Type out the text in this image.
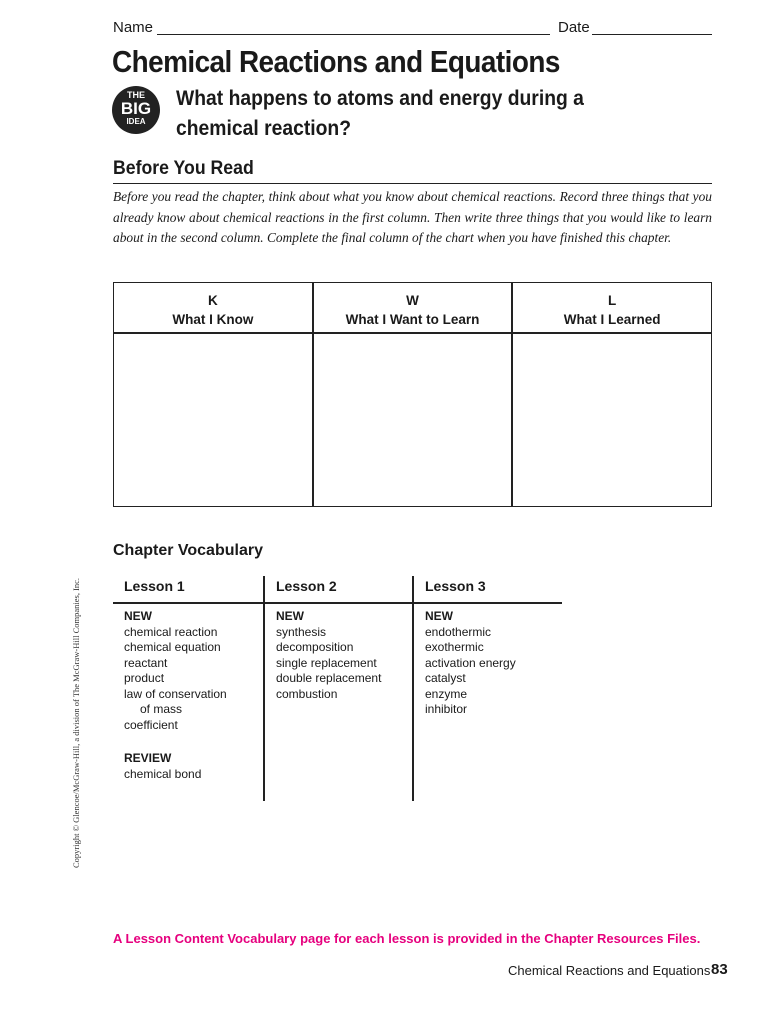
Name	Date
Chemical Reactions and Equations
THE
BIG
IDEA
What happens to atoms and energy during a chemical reaction?
Before You Read
Before you read the chapter, think about what you know about chemical reactions. Record three things that you already know about chemical reactions in the first column. Then write three things that you would like to learn about in the second column. Complete the final column of the chart when you have finished this chapter.
K
What I Know
W
What I Want to Learn
L
What I Learned
Chapter Vocabulary
Lesson 1
NEW
chemical reaction
chemical equation
reactant
product
law of conservation
of mass
coefficient
REVIEW
chemical bond
Lesson 2
NEW
synthesis
decomposition
single replacement
double replacement
combustion
Lesson 3
NEW
endothermic
exothermic
activation energy
catalyst
enzyme
inhibitor
Copyright © Glencoe/McGraw-Hill, a division of The McGraw-Hill Companies, Inc.
A Lesson Content Vocabulary page for each lesson is provided in the Chapter Resources Files.
Chemical Reactions and Equations 83
